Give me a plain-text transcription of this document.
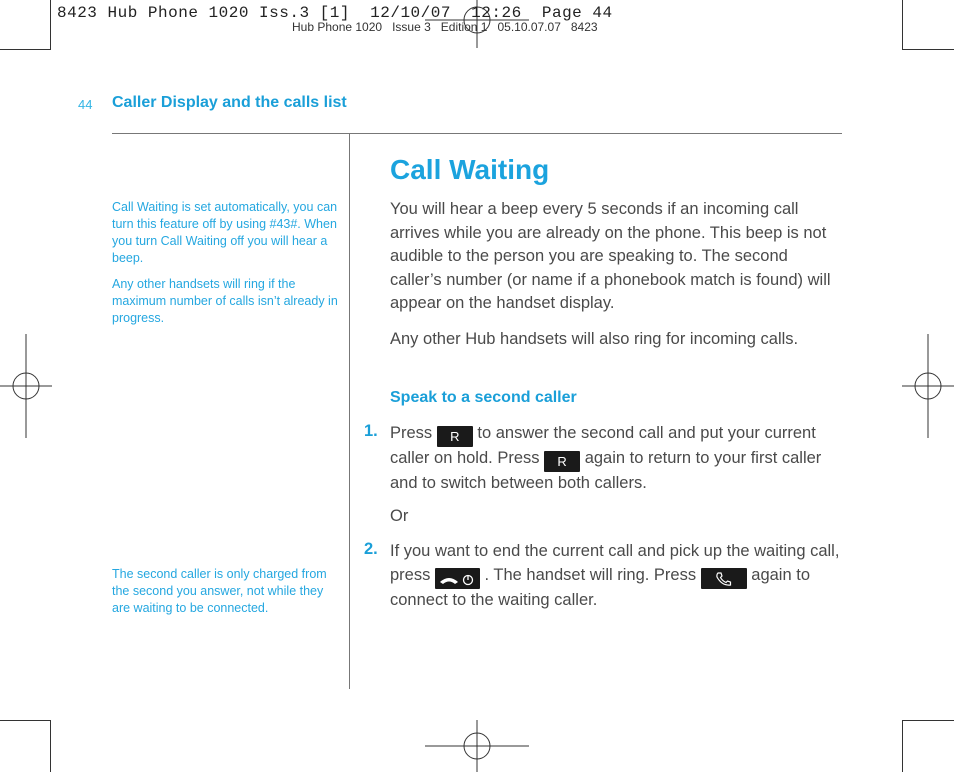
Hub Phone 1020   Issue 3   Edition 1   05.10.07.07   8423
8423 Hub Phone 1020 Iss.3 [1]  12/10/07  12:26  Page 44
44 Caller Display and the calls list
Call Waiting is set automatically, you can turn this feature off by using #43#. When you turn Call Waiting off you will hear a beep.
Any other handsets will ring if the maximum number of calls isn’t already in progress.
The second caller is only charged from the second you answer, not while they are waiting to be connected.
Call Waiting
You will hear a beep every 5 seconds if an incoming call arrives while you are already on the phone. This beep is not audible to the person you are speaking to. The second caller’s number (or name if a phonebook match is found) will appear on the handset display.
Any other Hub handsets will also ring for incoming calls.
Speak to a second caller
1. Press R to answer the second call and put your current caller on hold. Press R again to return to your first caller and to switch between both callers.
Or
2. If you want to end the current call and pick up the waiting call, press	. The handset will ring. Press	again to connect to the waiting caller.
